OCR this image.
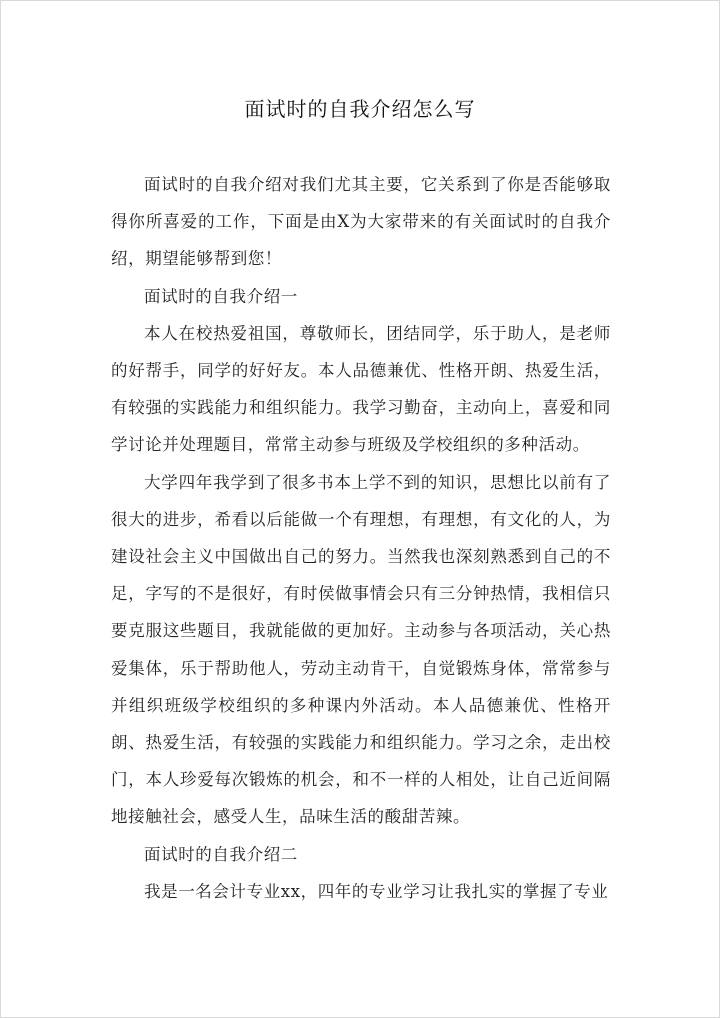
面试时的自我介绍怎么写

面试时的自我介绍对我们尤其主要，它关系到了你是否能够取得你所喜爱的工作，下面是由X为大家带来的有关面试时的自我介绍，期望能够帮到您！

面试时的自我介绍一

本人在校热爱祖国，尊敬师长，团结同学，乐于助人，是老师的好帮手，同学的好好友。本人品德兼优、性格开朗、热爱生活，有较强的实践能力和组织能力。我学习勤奋，主动向上，喜爱和同学讨论并处理题目，常常主动参与班级及学校组织的多种活动。

大学四年我学到了很多书本上学不到的知识，思想比以前有了很大的进步，希看以后能做一个有理想，有理想，有文化的人，为建设社会主义中国做出自己的努力。当然我也深刻熟悉到自己的不足，字写的不是很好，有时侯做事情会只有三分钟热情，我相信只要克服这些题目，我就能做的更加好。主动参与各项活动，关心热爱集体，乐于帮助他人，劳动主动肯干，自觉锻炼身体，常常参与并组织班级学校组织的多种课内外活动。本人品德兼优、性格开朗、热爱生活，有较强的实践能力和组织能力。学习之余，走出校门，本人珍爱每次锻炼的机会，和不一样的人相处，让自己近间隔地接触社会，感受人生，品味生活的酸甜苦辣。

面试时的自我介绍二

我是一名会计专业xx，四年的专业学习让我扎实的掌握了专业
